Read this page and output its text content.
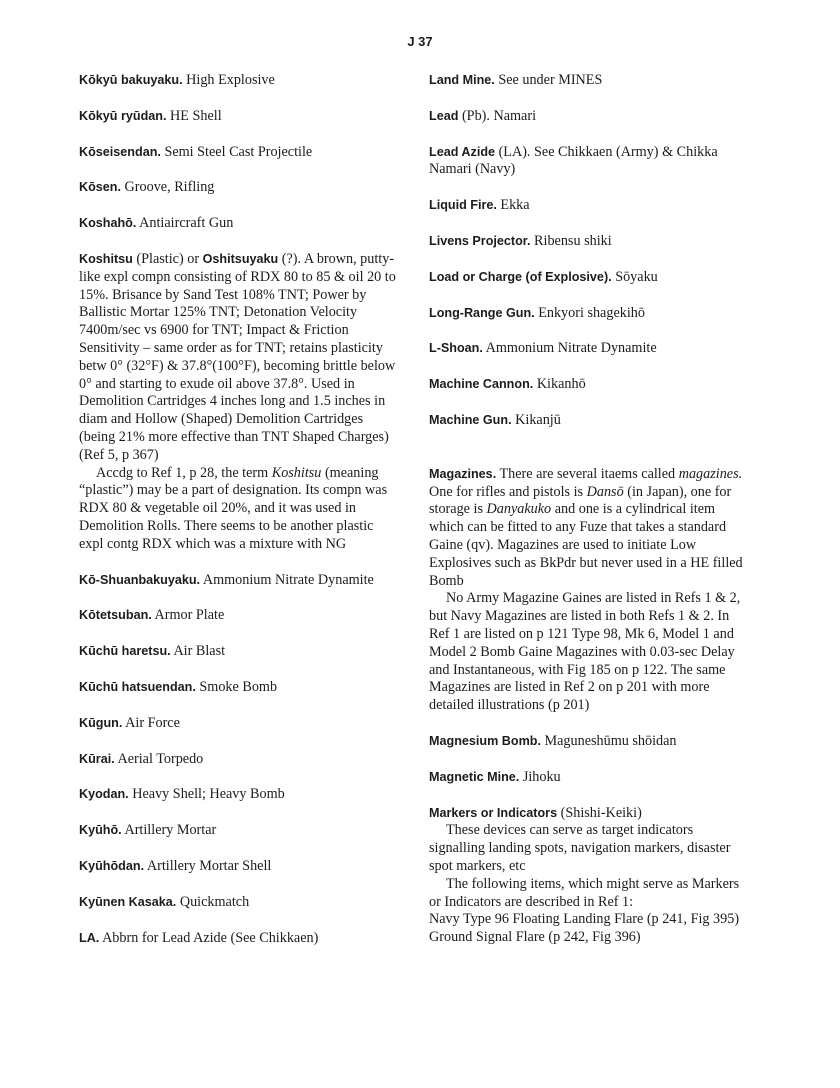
J 37
Kōkyū bakuyaku. High Explosive
Kōkyū ryūdan. HE Shell
Kōseisendan. Semi Steel Cast Projectile
Kōsen. Groove, Rifling
Koshahō. Antiaircraft Gun
Koshitsu (Plastic) or Oshitsuyaku (?). A brown, putty-like expl compn consisting of RDX 80 to 85 & oil 20 to 15%. Brisance by Sand Test 108% TNT; Power by Ballistic Mortar 125% TNT; Detonation Velocity 7400m/sec vs 6900 for TNT; Impact & Friction Sensitivity – same order as for TNT; retains plasticity betw 0° (32°F) & 37.8°(100°F), becoming brittle below 0° and starting to exude oil above 37.8°. Used in Demolition Cartridges 4 inches long and 1.5 inches in diam and Hollow (Shaped) Demolition Cartridges (being 21% more effective than TNT Shaped Charges) (Ref 5, p 367)

Accdg to Ref 1, p 28, the term Koshitsu (meaning “plastic”) may be a part of designation. Its compn was RDX 80 & vegetable oil 20%, and it was used in Demolition Rolls. There seems to be another plastic expl contg RDX which was a mixture with NG

Kō-Shuanbakuyaku. Ammonium Nitrate Dynamite
Kōtetsuban. Armor Plate
Kūchū haretsu. Air Blast
Kūchū hatsuendan. Smoke Bomb
Kūgun. Air Force
Kūrai. Aerial Torpedo
Kyodan. Heavy Shell; Heavy Bomb
Kyūhō. Artillery Mortar
Kyūhōdan. Artillery Mortar Shell
Kyūnen Kasaka. Quickmatch
LA. Abbrn for Lead Azide (See Chikkaen)
Land Mine. See under MINES
Lead (Pb). Namari
Lead Azide (LA). See Chikkaen (Army) & Chikka Namari (Navy)
Liquid Fire. Ekka
Livens Projector. Ribensu shiki
Load or Charge (of Explosive). Sōyaku
Long-Range Gun. Enkyori shagekihō
L-Shoan. Ammonium Nitrate Dynamite
Machine Cannon. Kikanhō
Machine Gun. Kikanjū
Magazines. There are several itaems called magazines. One for rifles and pistols is Dansō (in Japan), one for storage is Danyakuko and one is a cylindrical item which can be fitted to any Fuze that takes a standard Gaine (qv). Magazines are used to initiate Low Explosives such as BkPdr but never used in a HE filled Bomb

No Army Magazine Gaines are listed in Refs 1 & 2, but Navy Magazines are listed in both Refs 1 & 2. In Ref 1 are listed on p 121 Type 98, Mk 6, Model 1 and Model 2 Bomb Gaine Magazines with 0.03-sec Delay and Instantaneous, with Fig 185 on p 122. The same Magazines are listed in Ref 2 on p 201 with more detailed illustrations (p 201)

Magnesium Bomb. Maguneshūmu shōidan
Magnetic Mine. Jihoku
Markers or Indicators (Shishi-Keiki)

These devices can serve as target indicators signalling landing spots, navigation markers, disaster spot markers, etc

The following items, which might serve as Markers or Indicators are described in Ref 1:

Navy Type 96 Floating Landing Flare (p 241, Fig 395)
Ground Signal Flare (p 242, Fig 396)
